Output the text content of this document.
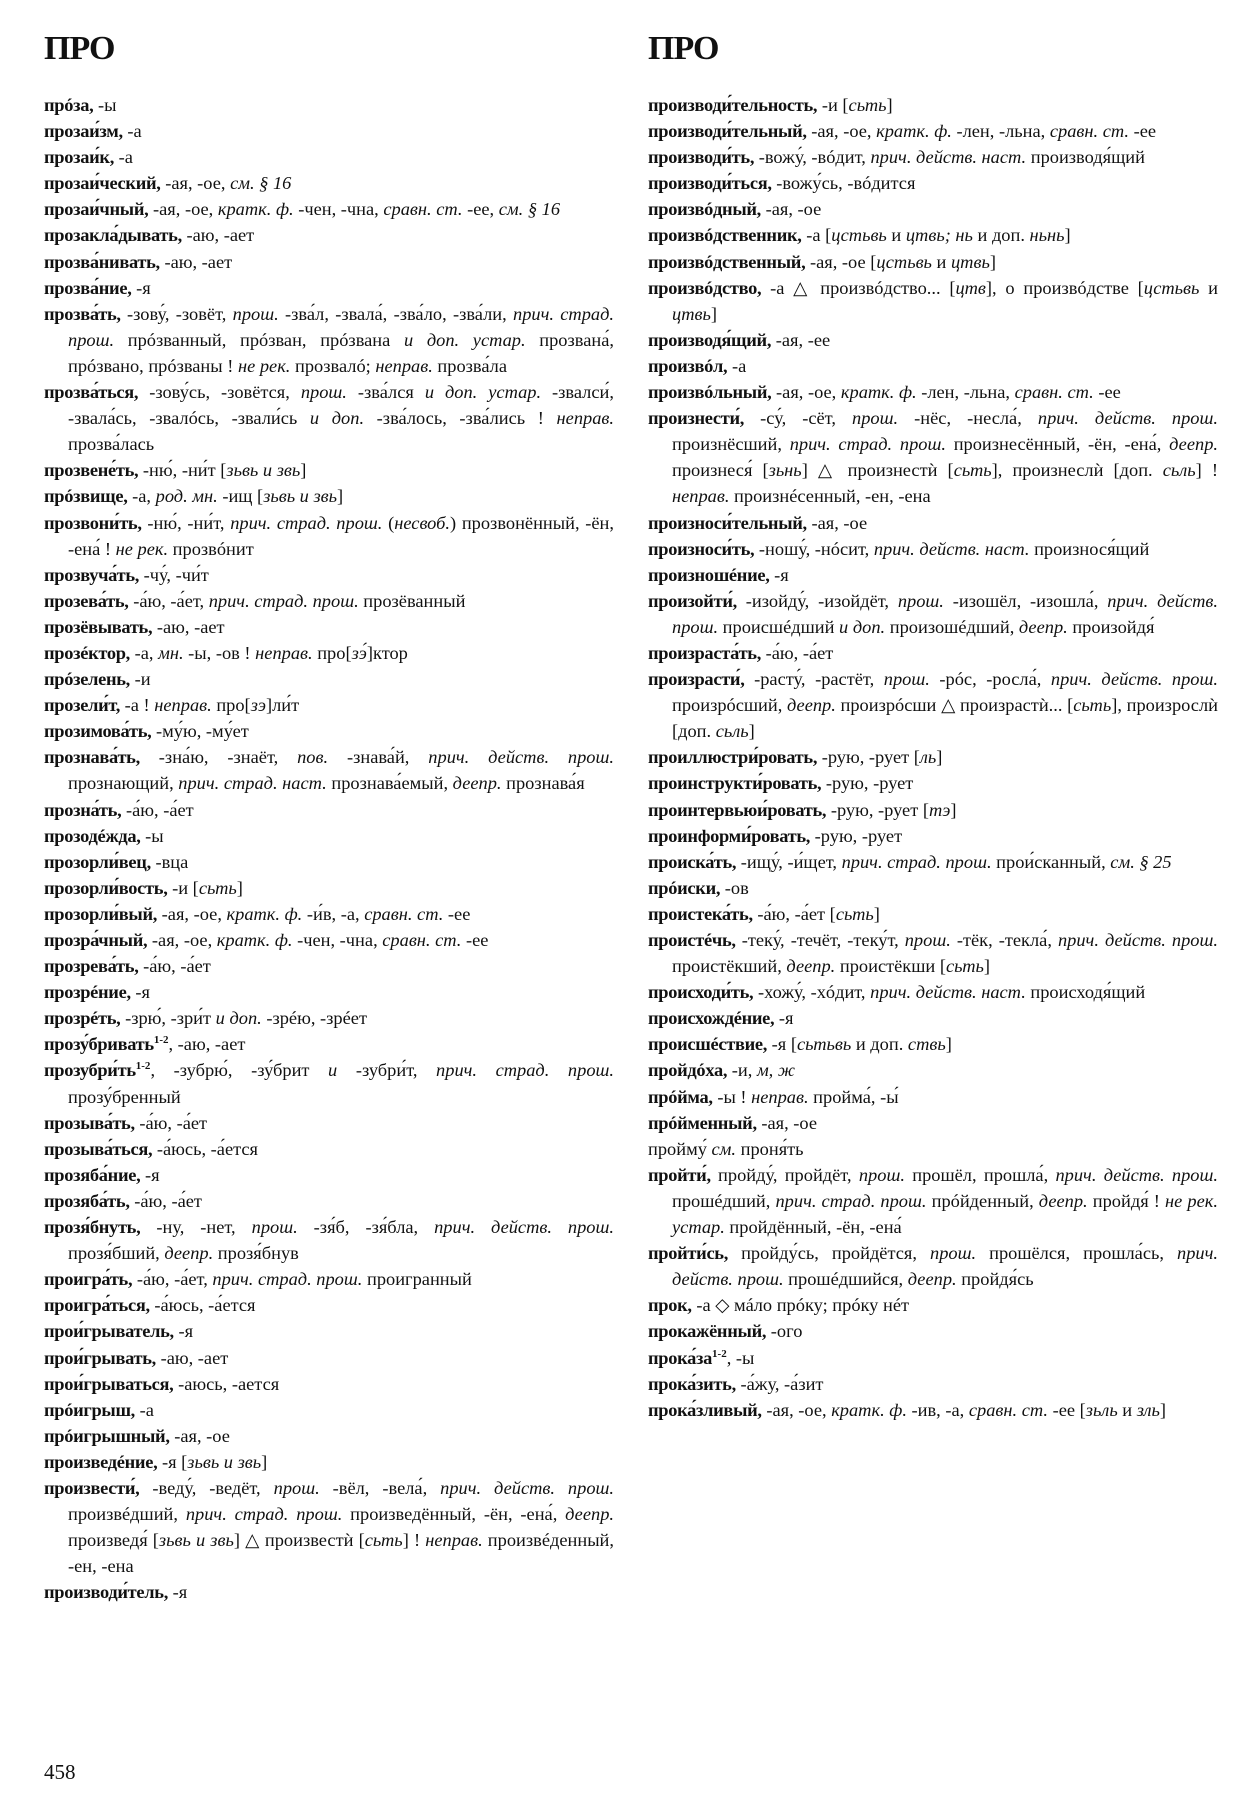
ПРО	ПРО
прóза, -ы
прозаи́зм, -а
прозаи́к, -а
прозаи́ческий, -ая, -ое, см. § 16
прозаи́чный, -ая, -ое, кратк. ф. -чен, -чна, сравн. ст. -ее, см. § 16
прозакла́дывать, -аю, -ает
прозва́нивать, -аю, -ает
прозва́ние, -я
прозва́ть, -зову́, -зовёт, прош. -зва́л, -звала́, -зва́ло, -зва́ли, прич. страд. прош. прóзванный, прóзван, прóзвана и доп. устар. прозвана́, прóзвано, прóзваны ! не рек. прозвалó; неправ. прозва́ла
прозва́ться, -зову́сь, -зовётся, прош. -зва́лся и доп. устар. -звалси́, -звала́сь, -звалóсь, -звали́сь и доп. -зва́лось, -зва́лись ! неправ. прозва́лась
прозвене́ть, -ню́, -ни́т [зьвь и звь]
прóзвище, -а, род. мн. -ищ [зьвь и звь]
прозвони́ть, -ню́, -ни́т, прич. страд. прош. (несвоб.) прозвонённый, -ён, -ена́ ! не рек. прозвóнит
прозвуча́ть, -чу́, -чи́т
прозева́ть, -а́ю, -а́ет, прич. страд. прош. прозёванный
прозёвывать, -аю, -ает
прозéктор, -а, мн. -ы, -ов ! неправ. про[зэ́]ктор
прóзелень, -и
прозели́т, -а ! неправ. про[зэ]ли́т
прозимова́ть, -му́ю, -му́ет
прознава́ть, -зна́ю, -знаёт, пов. -знава́й, прич. действ. прош. прознающий, прич. страд. наст. прознава́емый, деепр. прознава́я
прозна́ть, -а́ю, -а́ет
прозодéжда, -ы
прозорли́вец, -вца
прозорли́вость, -и [сьть]
прозорли́вый, -ая, -ое, кратк. ф. -и́в, -а, сравн. ст. -ее
прозра́чный, -ая, -ое, кратк. ф. -чен, -чна, сравн. ст. -ее
прозрева́ть, -а́ю, -а́ет
прозрéние, -я
прозрéть, -зрю́, -зри́т и доп. -зрéю, -зрéет
прозу́бривать$^{1-2}$, -аю, -ает
$прозубри́ть^{1-2}$, -зубрю́, -зу́брит и -зубри́т, прич. страд. прош. прозу́бренный
прозыва́ть, -а́ю, -а́ет
прозыва́ться, -а́юсь, -а́ется
прозяба́ние, -я
прозяба́ть, -а́ю, -а́ет
прозя́бнуть, -ну, -нет, прош. -зя́б, -зя́бла, прич. действ. прош. прозя́бший, деепр. прозя́бнув
проигра́ть, -а́ю, -а́ет, прич. страд. прош. проигранный
проигра́ться, -а́юсь, -а́ется
прои́грыватель, -я
прои́грывать, -аю, -ает
прои́грываться, -аюсь, -ается
прóигрыш, -а
прóигрышный, -ая, -ое
произведéние, -я [зьвь и звь]
произвести́, -веду́, -ведёт, прош. -вёл, -вела́, прич. действ. прош. произвéдший, прич. страд. прош. произведённый, -ён, -ена́, деепр. произведя́ [зьвь и звь] △ произвестѝ [сьть] ! неправ. произвéденный, -ен, -ена
производи́тель, -я
производи́тельность, -и [сьть]
производи́тельный, -ая, -ое, кратк. ф. -лен, -льна, сравн. ст. -ее
производи́ть, -вожу́, -вóдит, прич. действ. наст. производя́щий
производи́ться, -вожу́сь, -вóдится
произвóдный, -ая, -ое
произвóдственник, -а [цстьвь и цтвь; нь и доп. ньнь]
произвóдственный, -ая, -ое [цстьвь и цтвь]
произвóдство, -а △ произвóдство... [цтв], о произвóдстве [цстьвь и цтвь]
производя́щий, -ая, -ее
произвóл, -а
произвóльный, -ая, -ое, кратк. ф. -лен, -льна, сравн. ст. -ее
произнести́, -су́, -сёт, прош. -нёс, -несла́, прич. действ. прош. произнёсший, прич. страд. прош. произнесённый, -ён, -ена́, деепр. произнеся́ [зьнь] △ произнестѝ [сьть], произнеслѝ [доп. сьль] ! неправ. произнéсенный, -ен, -ена
произноси́тельный, -ая, -ое
произноси́ть, -ношу́, -нóсит, прич. действ. наст. произнося́щий
произношéние, -я
произойти́, -изойду́, -изойдёт, прош. -изошёл, -изошла́, прич. действ. прош. происшéдший и доп. произошéдший, деепр. произойдя́
произраста́ть, -а́ю, -а́ет
произрасти́, -расту́, -растёт, прош. -рóс, -росла́, прич. действ. прош. произрóсший, деепр. произрóсши △ произрастѝ... [сьть], произрослѝ [доп. сьль]
проиллюстри́ровать, -рую, -рует [ль]
проинструкти́ровать, -рую, -рует
проинтервьюи́ровать, -рую, -рует [тэ]
проинформи́ровать, -рую, -рует
происка́ть, -ищу́, -и́щет, прич. страд. прош. прои́сканный, см. § 25
прóиски, -ов
проистека́ть, -а́ю, -а́ет [сьть]
проистéчь, -теку́, -течёт, -теку́т, прош. -тёк, -текла́, прич. действ. прош. проистёкший, деепр. проистёкши [сьть]
происходи́ть, -хожу́, -хóдит, прич. действ. наст. происходя́щий
происхождéние, -я
происшéствие, -я [сьтьвь и доп. ствь]
пройдóха, -и, м, ж
прóйма, -ы ! неправ. пройма́, -ы́
прóйменный, -ая, -ое
пройму́ см. проня́ть
пройти́, пройду́, пройдёт, прош. прошёл, прошла́, прич. действ. прош. прошéдший, прич. страд. прош. прóйденный, деепр. пройдя́ ! не рек. устар. пройдённый, -ён, -ена́
пройти́сь, пройду́сь, пройдётся, прош. прошёлся, прошла́сь, прич. действ. прош. прошéдшийся, деепр. пройдя́сь
прок, -а ◇ мáло прóку; прóку нéт
прокажённый, -ого
$прока́за^{1-2}$, -ы
прока́зить, -а́жу, -а́зит
прока́зливый, -ая, -ое, кратк. ф. -ив, -а, сравн. ст. -ее [зьль и зль]
458
